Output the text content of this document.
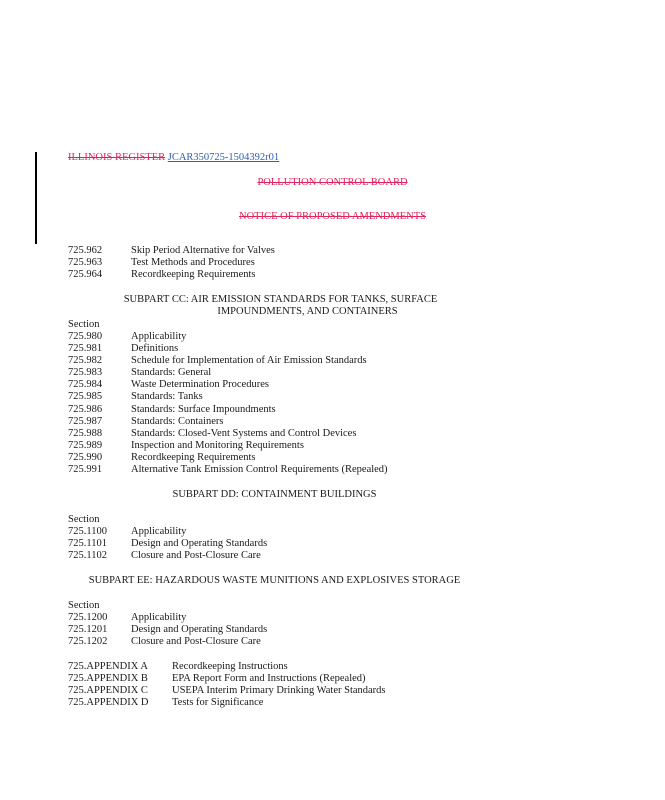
ILLINOIS REGISTER JCAR350725-1504392r01
POLLUTION CONTROL BOARD
NOTICE OF PROPOSED AMENDMENTS
725.962	Skip Period Alternative for Valves
725.963	Test Methods and Procedures
725.964	Recordkeeping Requirements
SUBPART CC: AIR EMISSION STANDARDS FOR TANKS, SURFACE
IMPOUNDMENTS, AND CONTAINERS
Section
725.980	Applicability
725.981	Definitions
725.982	Schedule for Implementation of Air Emission Standards
725.983	Standards: General
725.984	Waste Determination Procedures
725.985	Standards: Tanks
725.986	Standards: Surface Impoundments
725.987	Standards: Containers
725.988	Standards: Closed-Vent Systems and Control Devices
725.989	Inspection and Monitoring Requirements
725.990	Recordkeeping Requirements
725.991	Alternative Tank Emission Control Requirements (Repealed)
SUBPART DD: CONTAINMENT BUILDINGS
Section
725.1100 Applicability
725.1101 Design and Operating Standards
725.1102 Closure and Post-Closure Care
SUBPART EE: HAZARDOUS WASTE MUNITIONS AND EXPLOSIVES STORAGE
Section
725.1200 Applicability
725.1201 Design and Operating Standards
725.1202 Closure and Post-Closure Care
725.APPENDIX A Recordkeeping Instructions
725.APPENDIX B EPA Report Form and Instructions (Repealed)
725.APPENDIX C USEPA Interim Primary Drinking Water Standards
725.APPENDIX D Tests for Significance
